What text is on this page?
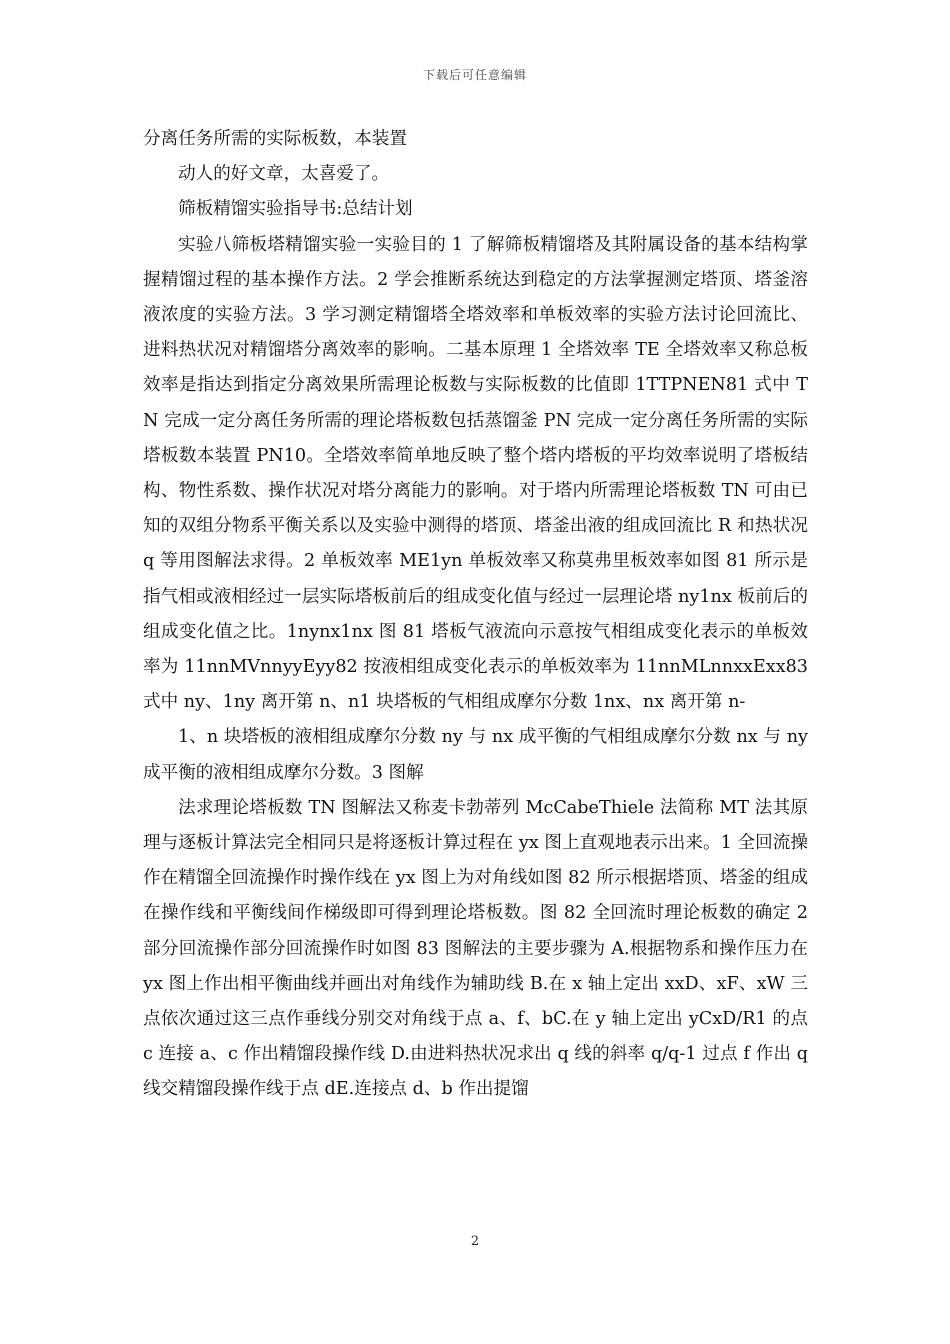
下载后可任意编辑

分离任务所需的实际板数，本装置

动人的好文章，太喜爱了。

筛板精馏实验指导书:总结计划

实验八筛板塔精馏实验一实验目的 1 了解筛板精馏塔及其附属设备的基本结构掌握精馏过程的基本操作方法。2 学会推断系统达到稳定的方法掌握测定塔顶、塔釜溶液浓度的实验方法。3 学习测定精馏塔全塔效率和单板效率的实验方法讨论回流比、进料热状况对精馏塔分离效率的影响。二基本原理 1 全塔效率 TE 全塔效率又称总板效率是指达到指定分离效果所需理论板数与实际板数的比值即 1TTPNEN81 式中 TN 完成一定分离任务所需的理论塔板数包括蒸馏釜 PN 完成一定分离任务所需的实际塔板数本装置 PN10。全塔效率简单地反映了整个塔内塔板的平均效率说明了塔板结构、物性系数、操作状况对塔分离能力的影响。对于塔内所需理论塔板数 TN 可由已知的双组分物系平衡关系以及实验中测得的塔顶、塔釜出液的组成回流比 R 和热状况 q 等用图解法求得。2 单板效率 ME1yn 单板效率又称莫弗里板效率如图 81 所示是指气相或液相经过一层实际塔板前后的组成变化值与经过一层理论塔 ny1nx 板前后的组成变化值之比。1nynx1nx 图 81 塔板气液流向示意按气相组成变化表示的单板效率为 11nnMVnnyyEyy82 按液相组成变化表示的单板效率为 11nnMLnnxxExx83 式中 ny、1ny 离开第 n、n1 块塔板的气相组成摩尔分数 1nx、nx 离开第 n-

1、n 块塔板的液相组成摩尔分数 ny 与 nx 成平衡的气相组成摩尔分数 nx 与 ny 成平衡的液相组成摩尔分数。3 图解

法求理论塔板数 TN 图解法又称麦卡勃蒂列 McCabeThiele 法简称 MT 法其原理与逐板计算法完全相同只是将逐板计算过程在 yx 图上直观地表示出来。1 全回流操作在精馏全回流操作时操作线在 yx 图上为对角线如图 82 所示根据塔顶、塔釜的组成在操作线和平衡线间作梯级即可得到理论塔板数。图 82 全回流时理论板数的确定 2 部分回流操作部分回流操作时如图 83 图解法的主要步骤为 A.根据物系和操作压力在 yx 图上作出相平衡曲线并画出对角线作为辅助线 B.在 x 轴上定出 xxD、xF、xW 三点依次通过这三点作垂线分别交对角线于点 a、f、bC.在 y 轴上定出 yCxD/R1 的点 c 连接 a、c 作出精馏段操作线 D.由进料热状况求出 q 线的斜率 q/q-1 过点 f 作出 q 线交精馏段操作线于点 dE.连接点 d、b 作出提馏

2
